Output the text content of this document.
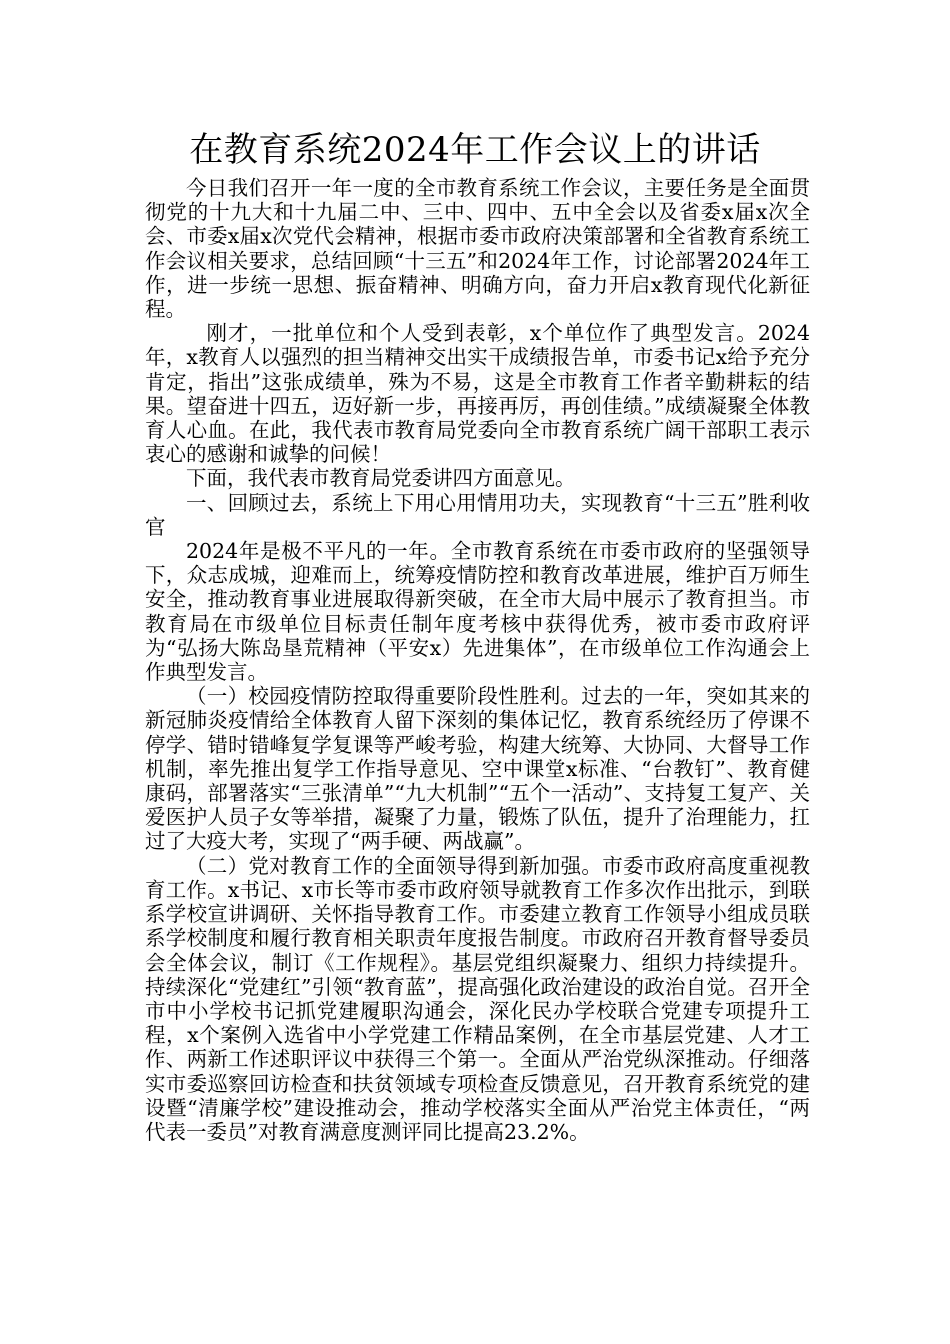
在教育系统2024年工作会议上的讲话

今日我们召开一年一度的全市教育系统工作会议，主要任务是全面贯彻党的十九大和十九届二中、三中、四中、五中全会以及省委x届x次全会、市委x届x次党代会精神，根据市委市政府决策部署和全省教育系统工作会议相关要求，总结回顾“十三五”和2024年工作，讨论部署2024年工作，进一步统一思想、振奋精神、明确方向，奋力开启x教育现代化新征程。

刚才，一批单位和个人受到表彰，x个单位作了典型发言。2024年，x教育人以强烈的担当精神交出实干成绩报告单，市委书记x给予充分肯定，指出”这张成绩单，殊为不易，这是全市教育工作者辛勤耕耘的结果。望奋进十四五，迈好新一步，再接再厉，再创佳绩。”成绩凝聚全体教育人心血。在此，我代表市教育局党委向全市教育系统广阔干部职工表示衷心的感谢和诚挚的问候！

下面，我代表市教育局党委讲四方面意见。

一、回顾过去，系统上下用心用情用功夫，实现教育“十三五”胜利收官

2024年是极不平凡的一年。全市教育系统在市委市政府的坚强领导下，众志成城，迎难而上，统筹疫情防控和教育改革进展，维护百万师生安全，推动教育事业进展取得新突破，在全市大局中展示了教育担当。市教育局在市级单位目标责任制年度考核中获得优秀，被市委市政府评为“弘扬大陈岛垦荒精神（平安x）先进集体”，在市级单位工作沟通会上作典型发言。

（一）校园疫情防控取得重要阶段性胜利。过去的一年，突如其来的新冠肺炎疫情给全体教育人留下深刻的集体记忆，教育系统经历了停课不停学、错时错峰复学复课等严峻考验，构建大统筹、大协同、大督导工作机制，率先推出复学工作指导意见、空中课堂x标准、“台教钉”、教育健康码，部署落实“三张清单”“九大机制”“五个一活动”、支持复工复产、关爱医护人员子女等举措，凝聚了力量，锻炼了队伍，提升了治理能力，扛过了大疫大考，实现了“两手硬、两战赢”。

（二）党对教育工作的全面领导得到新加强。市委市政府高度重视教育工作。x书记、x市长等市委市政府领导就教育工作多次作出批示，到联系学校宣讲调研、关怀指导教育工作。市委建立教育工作领导小组成员联系学校制度和履行教育相关职责年度报告制度。市政府召开教育督导委员会全体会议，制订《工作规程》。基层党组织凝聚力、组织力持续提升。持续深化“党建红”引领“教育蓝”，提高强化政治建设的政治自觉。召开全市中小学校书记抓党建履职沟通会，深化民办学校联合党建专项提升工程，x个案例入选省中小学党建工作精品案例，在全市基层党建、人才工作、两新工作述职评议中获得三个第一。全面从严治党纵深推动。仔细落实市委巡察回访检查和扶贫领域专项检查反馈意见，召开教育系统党的建设暨“清廉学校”建设推动会，推动学校落实全面从严治党主体责任，“两代表一委员”对教育满意度测评同比提高23.2%。
